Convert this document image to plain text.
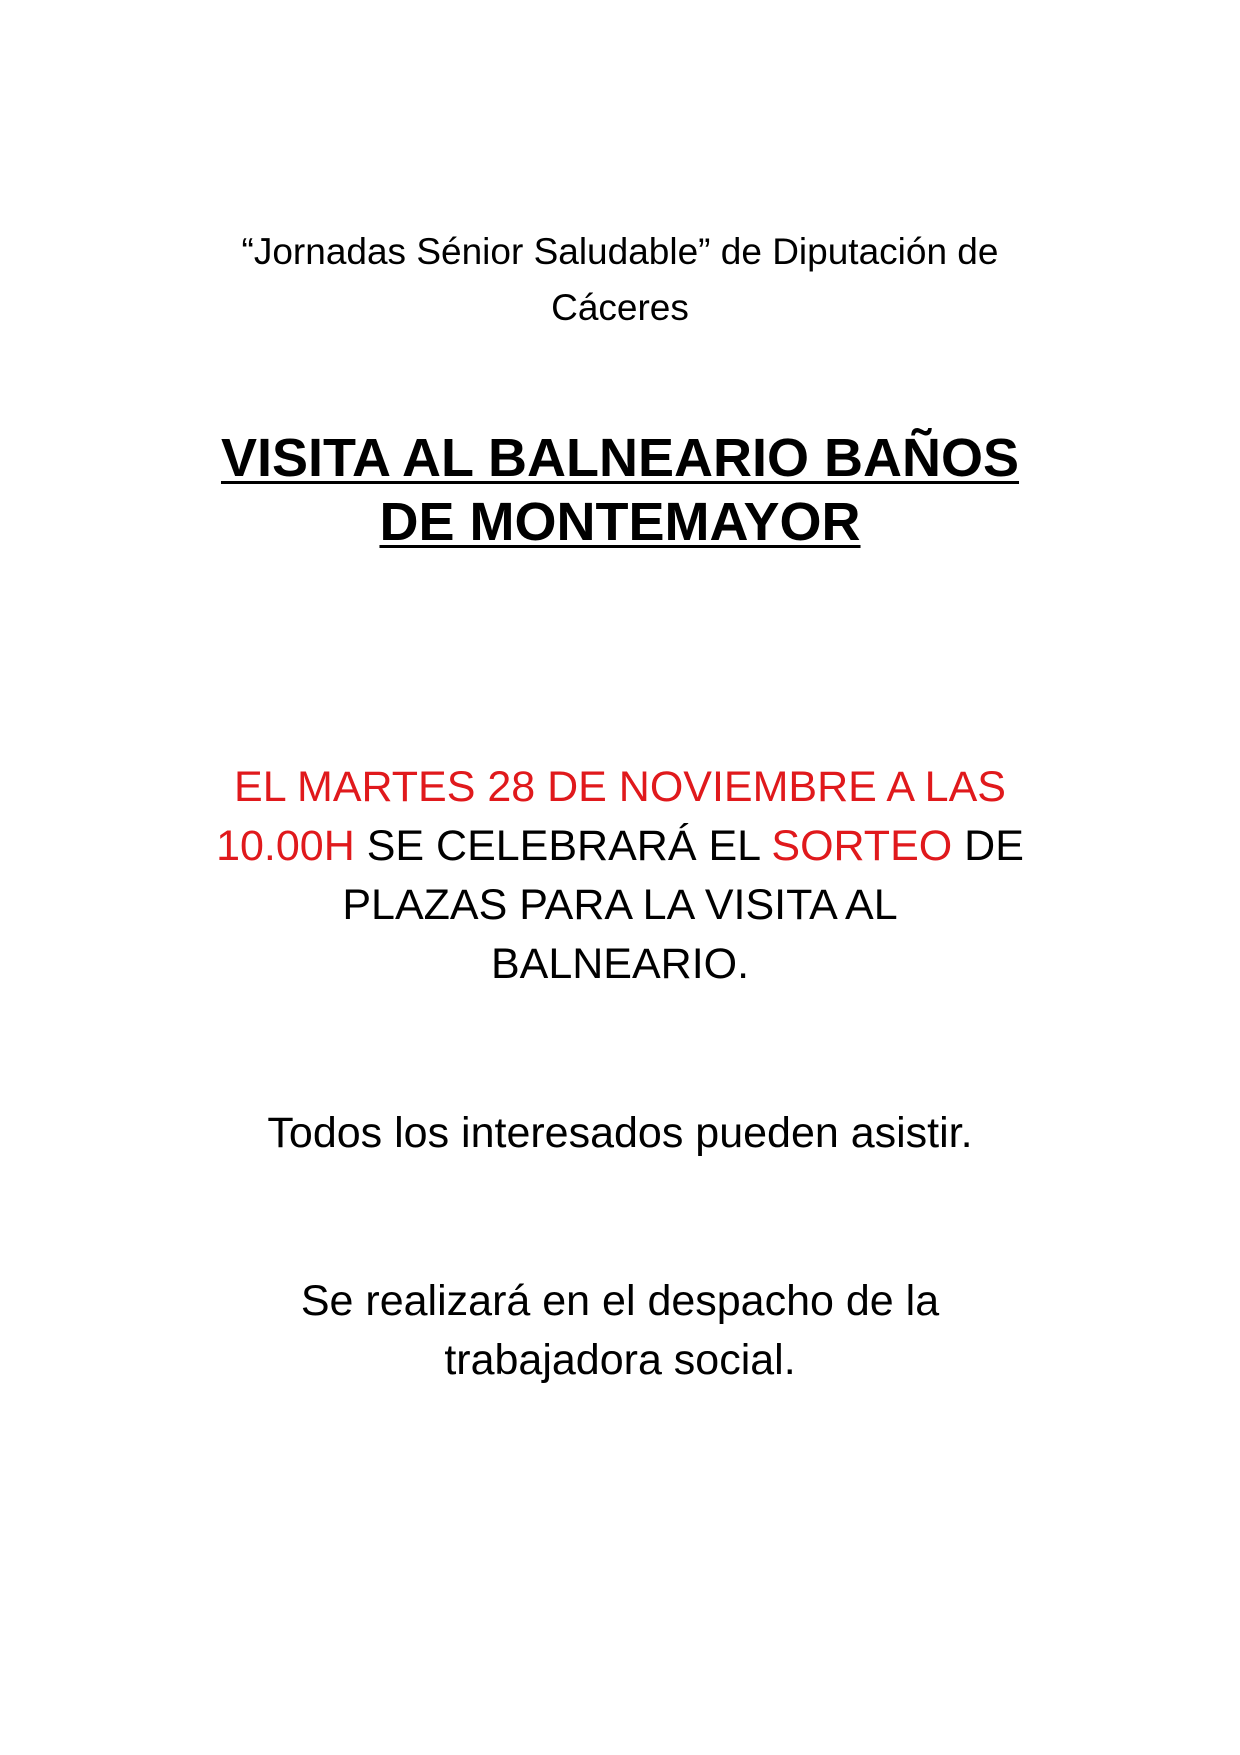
“Jornadas Sénior Saludable” de Diputación de
Cáceres
VISITA AL BALNEARIO BAÑOS
DE MONTEMAYOR
EL MARTES 28 DE NOVIEMBRE A LAS
10.00H SE CELEBRARÁ EL SORTEO DE
PLAZAS PARA LA VISITA AL
BALNEARIO.
Todos los interesados pueden asistir.
Se realizará en el despacho de la
trabajadora social.
